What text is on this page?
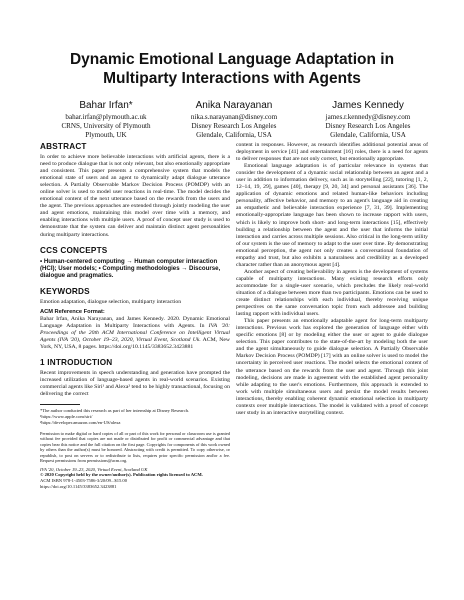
Dynamic Emotional Language Adaptation in Multiparty Interactions with Agents
Bahar Irfan*
bahar.irfan@plymouth.ac.uk
CRNS, University of Plymouth
Plymouth, UK
Anika Narayanan
nika.s.narayanan@disney.com
Disney Research Los Angeles
Glendale, California, USA
James Kennedy
james.r.kennedy@disney.com
Disney Research Los Angeles
Glendale, California, USA
ABSTRACT

In order to achieve more believable interactions with artificial agents, there is a need to produce dialogue that is not only relevant, but also emotionally appropriate and consistent. This paper presents a comprehensive system that models the emotional state of users and an agent to dynamically adapt dialogue utterance selection. A Partially Observable Markov Decision Process (POMDP) with an online solver is used to model user reactions in real-time. The model decides the emotional content of the next utterance based on the rewards from the users and the agent. The previous approaches are extended through jointly modeling the user and agent emotions, maintaining this model over time with a memory, and enabling interactions with multiple users. A proof of concept user study is used to demonstrate that the system can deliver and maintain distinct agent personalities during multiparty interactions.

CCS CONCEPTS

• Human-centered computing → Human computer interaction (HCI); User models; • Computing methodologies → Discourse, dialogue and pragmatics.

KEYWORDS

Emotion adaptation, dialogue selection, multiparty interaction

ACM Reference Format:

Bahar Irfan, Anika Narayanan, and James Kennedy. 2020. Dynamic Emotional Language Adaptation in Multiparty Interactions with Agents. In IVA '20: Proceedings of the 20th ACM International Conference on Intelligent Virtual Agents (IVA '20), October 19–23, 2020, Virtual Event, Scotland Uk. ACM, New York, NY, USA, 8 pages. https://doi.org/10.1145/3383652.3423881

1 INTRODUCTION

Recent improvements in speech understanding and generation have prompted the increased utilization of language-based agents in real-world scenarios. Existing commercial agents like Siri¹ and Alexa² tend to be highly transactional, focusing on delivering the correct

*The author conducted this research as part of her internship at Disney Research.

¹https://www.apple.com/siri/

²https://developer.amazon.com/en-US/alexa

Permission to make digital or hard copies of all or part of this work for personal or classroom use is granted without fee provided that copies are not made or distributed for profit or commercial advantage and that copies bear this notice and the full citation on the first page. Copyrights for components of this work owned by others than the author(s) must be honored. Abstracting with credit is permitted. To copy otherwise, or republish, to post on servers or to redistribute to lists, requires prior specific permission and/or a fee. Request permissions from permissions@acm.org.

IVA '20, October 19–23, 2020, Virtual Event, Scotland UK

© 2020 Copyright held by the owner/author(s). Publication rights licensed to ACM.

ACM ISBN 978-1-4503-7586-3/20/09...$15.00

https://doi.org/10.1145/3383652.3423881

content in responses. However, as research identifies additional potential areas of deployment in service [41] and entertainment [16] roles, there is a need for agents to deliver responses that are not only correct, but emotionally appropriate.

Emotional language adaptation is of particular relevance in systems that consider the development of a dynamic social relationship between an agent and a user in addition to information delivery, such as in storytelling [22], tutoring [1, 2, 12–14, 19, 29], games [40], therapy [9, 20, 34] and personal assistants [36]. The application of dynamic emotions and related human-like behaviors including personality, affective behavior, and memory to an agent's language aid in creating an empathetic and believable interaction experience [7, 31, 39]. Implementing emotionally-appropriate language has been shown to increase rapport with users, which is likely to improve both short- and long-term interactions [15], effectively building a relationship between the agent and the user that informs the initial interaction and carries across multiple sessions. Also critical in the long-term utility of our system is the use of memory to adapt to the user over time. By demonstrating emotional perception, the agent not only creates a conversational foundation of empathy and trust, but also exhibits a naturalness and credibility as a developed character rather than an anonymous agent [4].

Another aspect of creating believability in agents is the development of systems capable of multiparty interactions. Many existing research efforts only accommodate for a single-user scenario, which precludes the likely real-world situation of a dialogue between more than two participants. Emotions can be used to create distinct relationships with each individual, thereby receiving unique perspectives on the same conversation topic from each addressee and building lasting rapport with individual users.

This paper presents an emotionally adaptable agent for long-term multiparty interactions. Previous work has explored the generation of language either with specific emotions [8] or by modeling either the user or agent to guide dialogue selection. This paper contributes to the state-of-the-art by modeling both the user and the agent simultaneously to guide dialogue selection. A Partially Observable Markov Decision Process (POMDP) [17] with an online solver is used to model the uncertainty in perceived user reactions. The model selects the emotional content of the utterance based on the rewards from the user and agent. Through this joint modeling, decisions are made in agreement with the established agent personality while adapting to the user's emotions. Furthermore, this approach is extended to work with multiple simultaneous users and persist the model results between interactions, thereby enabling coherent dynamic emotional selection in multiparty contexts over multiple interactions. The model is validated with a proof of concept user study in an interactive storytelling context.
